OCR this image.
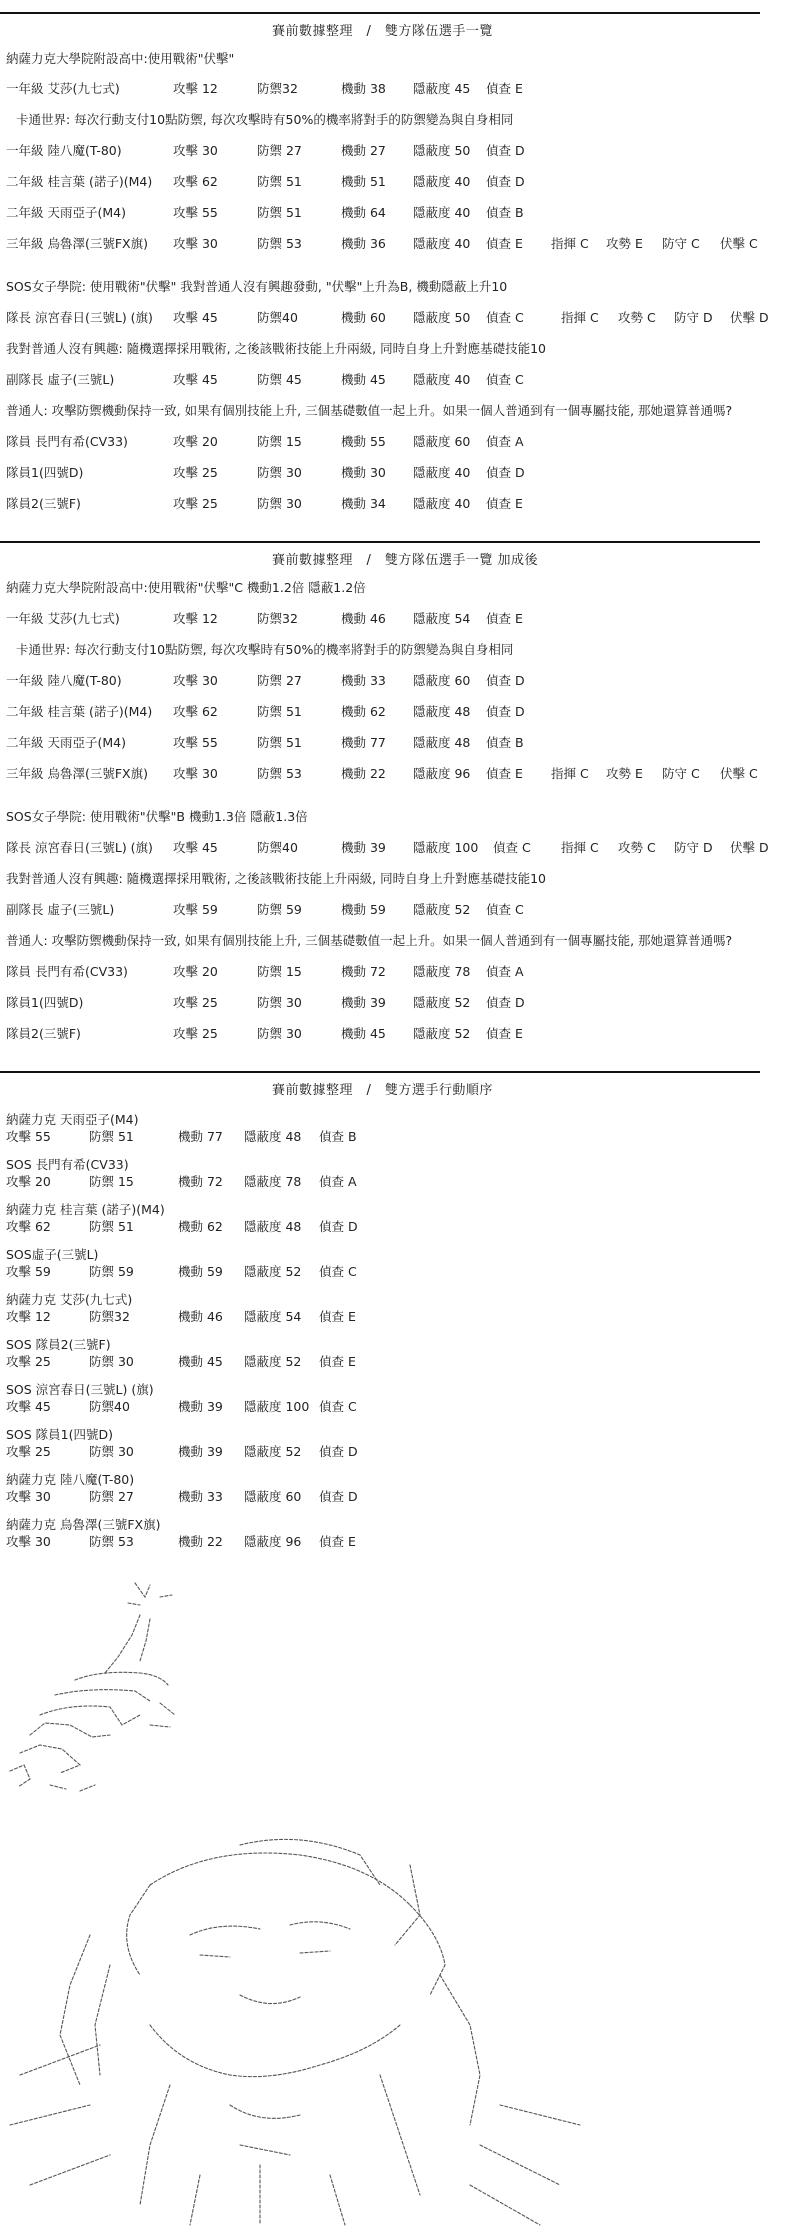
賽前數據整理　/　雙方隊伍選手一覽
納薩力克大學院附設高中:使用戰術"伏擊"
一年級 艾莎(九七式)	攻擊 12	防禦32	機動 38 隱蔽度 45 偵查 E
卡通世界: 每次行動支付10點防禦, 每次攻擊時有50%的機率將對手的防禦變為與自身相同
一年級 陸八魔(T-80)	攻擊 30	防禦 27	機動 27 隱蔽度 50 偵查 D
二年級 桂言葉 (諾子)(M4) 攻擊 62	防禦 51	機動 51 隱蔽度 40 偵查 D
二年級 天雨亞子(M4)	攻擊 55	防禦 51	機動 64 隱蔽度 40 偵查 B
三年級 烏魯澤(三號FX旗) 攻擊 30	防禦 53	機動 36 隱蔽度 40 偵查 E 指揮 C 攻勢 E 防守 C 伏擊 C
SOS女子學院: 使用戰術"伏擊" 我對普通人沒有興趣發動, "伏擊"上升為B, 機動隱蔽上升10
隊長 涼宮春日(三號L) (旗) 攻擊 45	防禦40	機動 60 隱蔽度 50 偵查 C	指揮 C 攻勢 C 防守 D 伏擊 D
我對普通人沒有興趣: 隨機選擇採用戰術, 之後該戰術技能上升兩級, 同時自身上升對應基礎技能10
副隊長 虛子(三號L)	攻擊 45	防禦 45	機動 45 隱蔽度 40 偵查 C
普通人: 攻擊防禦機動保持一致, 如果有個別技能上升, 三個基礎數值一起上升。如果一個人普通到有一個專屬技能, 那她還算普通嗎?
隊員 長門有希(CV33)	攻擊 20	防禦 15	機動 55 隱蔽度 60 偵查 A
隊員1(四號D)	攻擊 25	防禦 30	機動 30 隱蔽度 40 偵查 D
隊員2(三號F)	攻擊 25	防禦 30	機動 34 隱蔽度 40 偵查 E
賽前數據整理　/　雙方隊伍選手一覽 加成後
納薩力克大學院附設高中:使用戰術"伏擊"C 機動1.2倍 隱蔽1.2倍
一年級 艾莎(九七式)	攻擊 12	防禦32	機動 46 隱蔽度 54 偵查 E
卡通世界: 每次行動支付10點防禦, 每次攻擊時有50%的機率將對手的防禦變為與自身相同
一年級 陸八魔(T-80)	攻擊 30	防禦 27	機動 33 隱蔽度 60 偵查 D
二年級 桂言葉 (諾子)(M4) 攻擊 62	防禦 51	機動 62 隱蔽度 48 偵查 D
二年級 天雨亞子(M4)	攻擊 55	防禦 51	機動 77 隱蔽度 48 偵查 B
三年級 烏魯澤(三號FX旗) 攻擊 30	防禦 53	機動 22 隱蔽度 96 偵查 E 指揮 C 攻勢 E 防守 C 伏擊 C
SOS女子學院: 使用戰術"伏擊"B 機動1.3倍 隱蔽1.3倍
隊長 涼宮春日(三號L) (旗) 攻擊 45	防禦40	機動 39 隱蔽度 100 偵查 C 指揮 C 攻勢 C 防守 D 伏擊 D
我對普通人沒有興趣: 隨機選擇採用戰術, 之後該戰術技能上升兩級, 同時自身上升對應基礎技能10
副隊長 虛子(三號L)	攻擊 59	防禦 59	機動 59 隱蔽度 52 偵查 C
普通人: 攻擊防禦機動保持一致, 如果有個別技能上升, 三個基礎數值一起上升。如果一個人普通到有一個專屬技能, 那她還算普通嗎?
隊員 長門有希(CV33)	攻擊 20	防禦 15	機動 72 隱蔽度 78 偵查 A
隊員1(四號D)	攻擊 25	防禦 30	機動 39 隱蔽度 52 偵查 D
隊員2(三號F)	攻擊 25	防禦 30	機動 45 隱蔽度 52 偵查 E
賽前數據整理　/　雙方選手行動順序
納薩力克 天雨亞子(M4)
攻擊 55	防禦 51	機動 77 隱蔽度 48 偵查 B
SOS 長門有希(CV33)
攻擊 20	防禦 15	機動 72 隱蔽度 78 偵查 A
納薩力克 桂言葉 (諾子)(M4)
攻擊 62	防禦 51	機動 62 隱蔽度 48 偵查 D
SOS虛子(三號L)
攻擊 59	防禦 59	機動 59 隱蔽度 52 偵查 C
納薩力克 艾莎(九七式)
攻擊 12	防禦32	機動 46 隱蔽度 54 偵查 E
SOS 隊員2(三號F)
攻擊 25	防禦 30	機動 45 隱蔽度 52 偵查 E
SOS 涼宮春日(三號L) (旗)
攻擊 45	防禦40	機動 39 隱蔽度 100 偵查 C
SOS 隊員1(四號D)
攻擊 25	防禦 30	機動 39 隱蔽度 52 偵查 D
納薩力克 陸八魔(T-80)
攻擊 30	防禦 27	機動 33 隱蔽度 60 偵查 D
納薩力克 烏魯澤(三號FX旗)
攻擊 30	防禦 53	機動 22 隱蔽度 96 偵查 E
